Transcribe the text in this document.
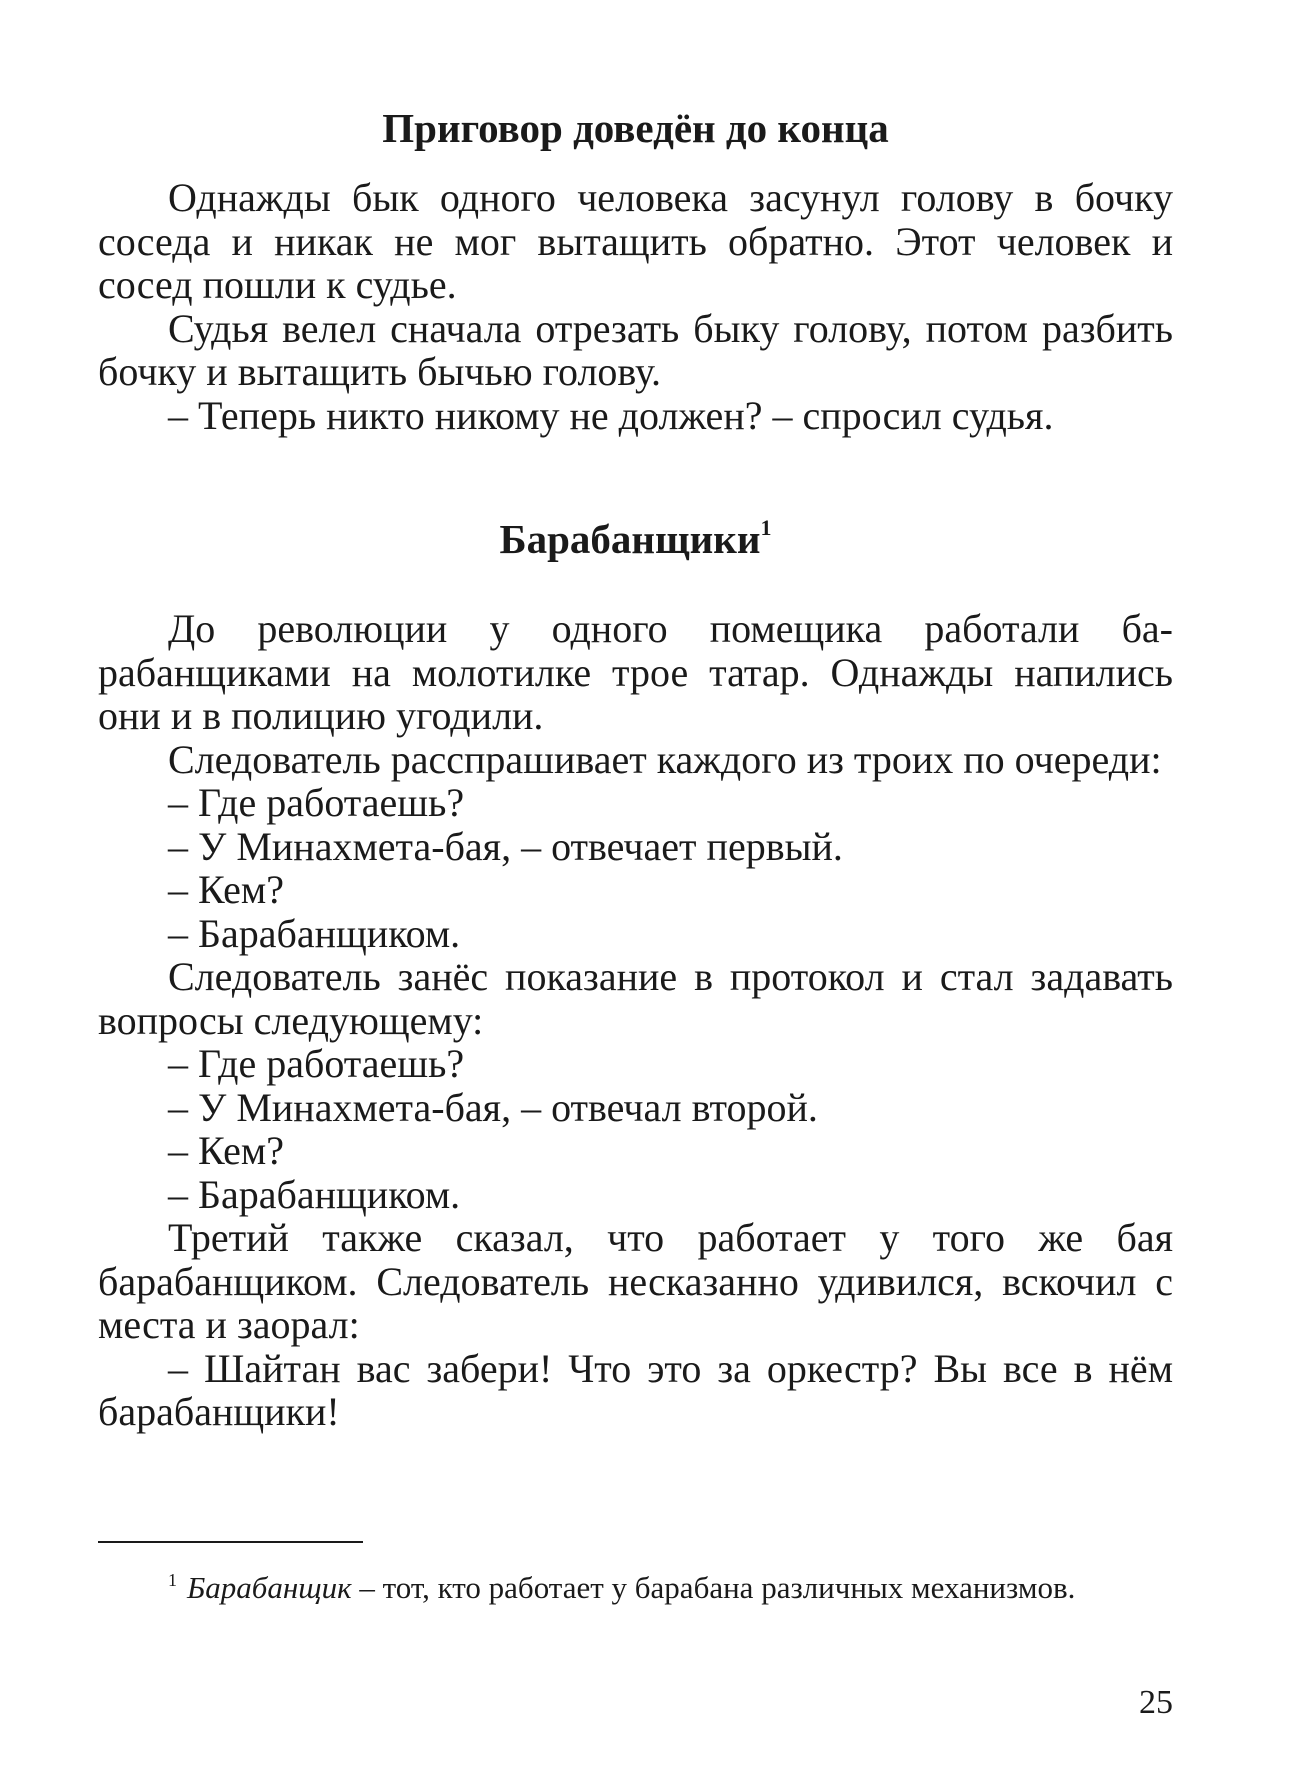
Приговор доведён до конца

Однажды бык одного человека засунул голову в бочку соседа и никак не мог вытащить обратно. Этот человек и сосед пошли к судье.

Судья велел сначала отрезать быку голову, потом разбить бочку и вытащить бычью голову.

– Теперь никто никому не должен? – спросил судья.

Барабанщики$^1$

До революции у одного помещика работали барабанщиками на молотилке трое татар. Однажды напились они и в полицию угодили.

Следователь расспрашивает каждого из троих по очереди:

– Где работаешь?

– У Минахмета-бая, – отвечает первый.

– Кем?

– Барабанщиком.

Следователь занёс показание в протокол и стал задавать вопросы следующему:

– Где работаешь?

– У Минахмета-бая, – отвечал второй.

– Кем?

– Барабанщиком.

Третий также сказал, что работает у того же бая барабанщиком. Следователь несказанно удивился, вскочил с места и заорал:

– Шайтан вас забери! Что это за оркестр? Вы все в нём барабанщики!

$^1$ Барабанщик – тот, кто работает у барабана различных механизмов.

25
